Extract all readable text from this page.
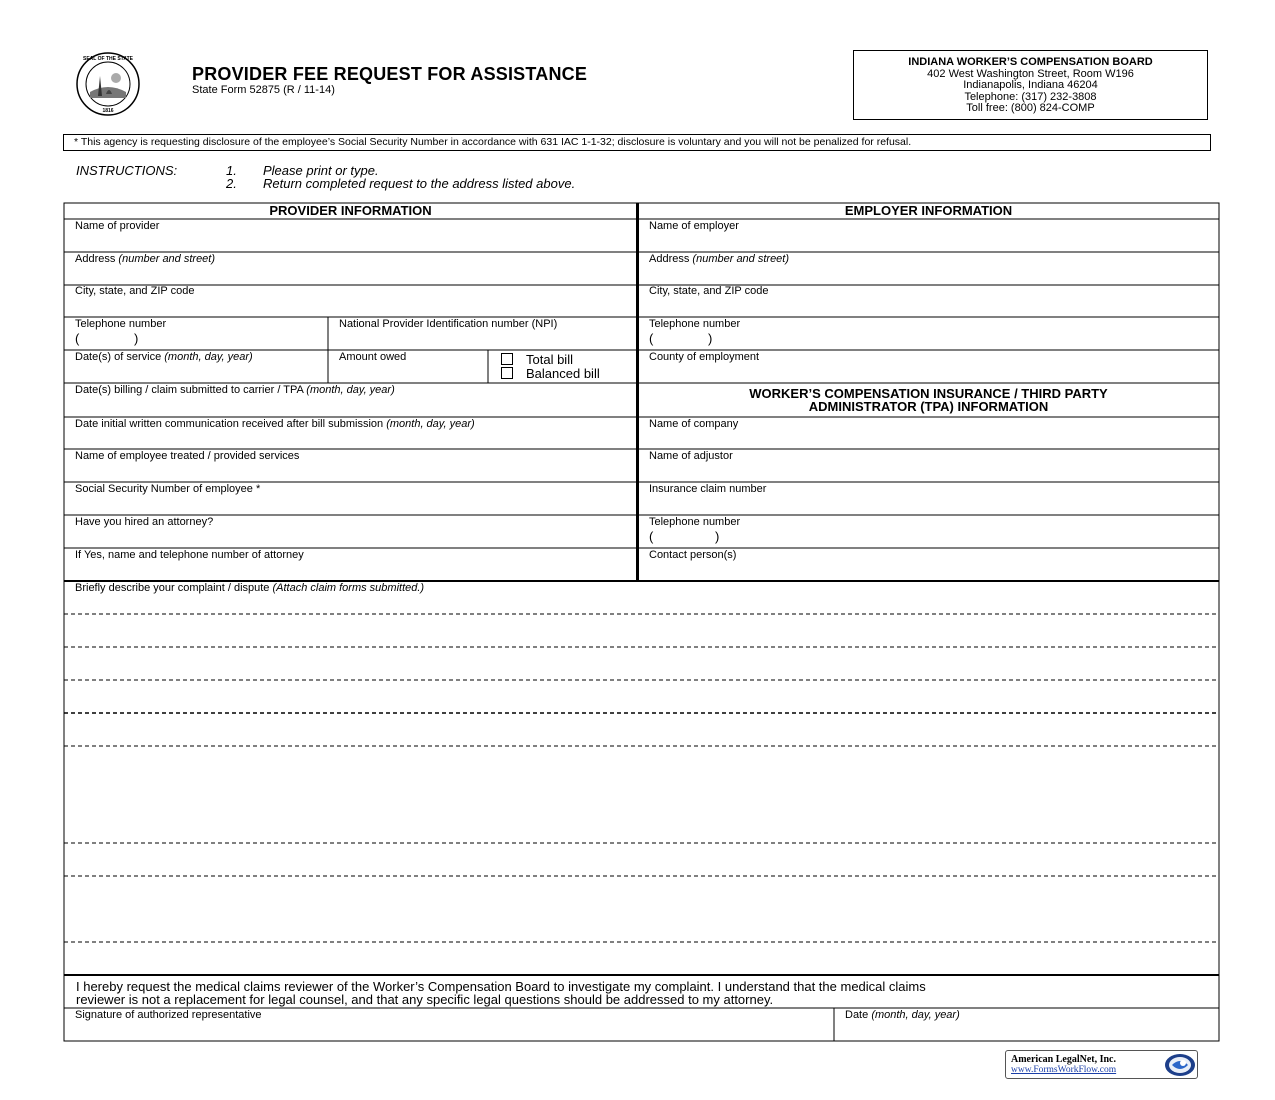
SEAL OF THE STATE
1816
PROVIDER FEE REQUEST FOR ASSISTANCE
State Form 52875 (R / 11-14)
INDIANA WORKER’S COMPENSATION BOARD
402 West Washington Street, Room W196
Indianapolis, Indiana 46204
Telephone: (317) 232-3808
Toll free: (800) 824-COMP
* This agency is requesting disclosure of the employee’s Social Security Number in accordance with 631 IAC 1-1-32; disclosure is voluntary and you will not be penalized for refusal.
INSTRUCTIONS:	1. Please print or type.
2. Return completed request to the address listed above.
PROVIDER INFORMATION	EMPLOYER INFORMATION
Name of provider
Address (number and street)
City, state, and ZIP code
Telephone number
(	)
National Provider Identification number (NPI)
Date(s) of service (month, day, year)	Amount owed	Total bill
Balanced bill
Date(s) billing / claim submitted to carrier / TPA (month, day, year)
Date initial written communication received after bill submission (month, day, year)
Name of employee treated / provided services
Social Security Number of employee *
Have you hired an attorney?
If Yes, name and telephone number of attorney
Name of employer
Address (number and street)
City, state, and ZIP code
Telephone number
(	)
County of employment
WORKER’S COMPENSATION INSURANCE / THIRD PARTY
ADMINISTRATOR (TPA) INFORMATION
Name of company
Name of adjustor
Insurance claim number
Telephone number
(	)
Contact person(s)
Briefly describe your complaint / dispute (Attach claim forms submitted.)
I hereby request the medical claims reviewer of the Worker’s Compensation Board to investigate my complaint. I understand that the medical claims
reviewer is not a replacement for legal counsel, and that any specific legal questions should be addressed to my attorney.
Signature of authorized representative	Date (month, day, year)
American LegalNet, Inc.
www.FormsWorkFlow.com
